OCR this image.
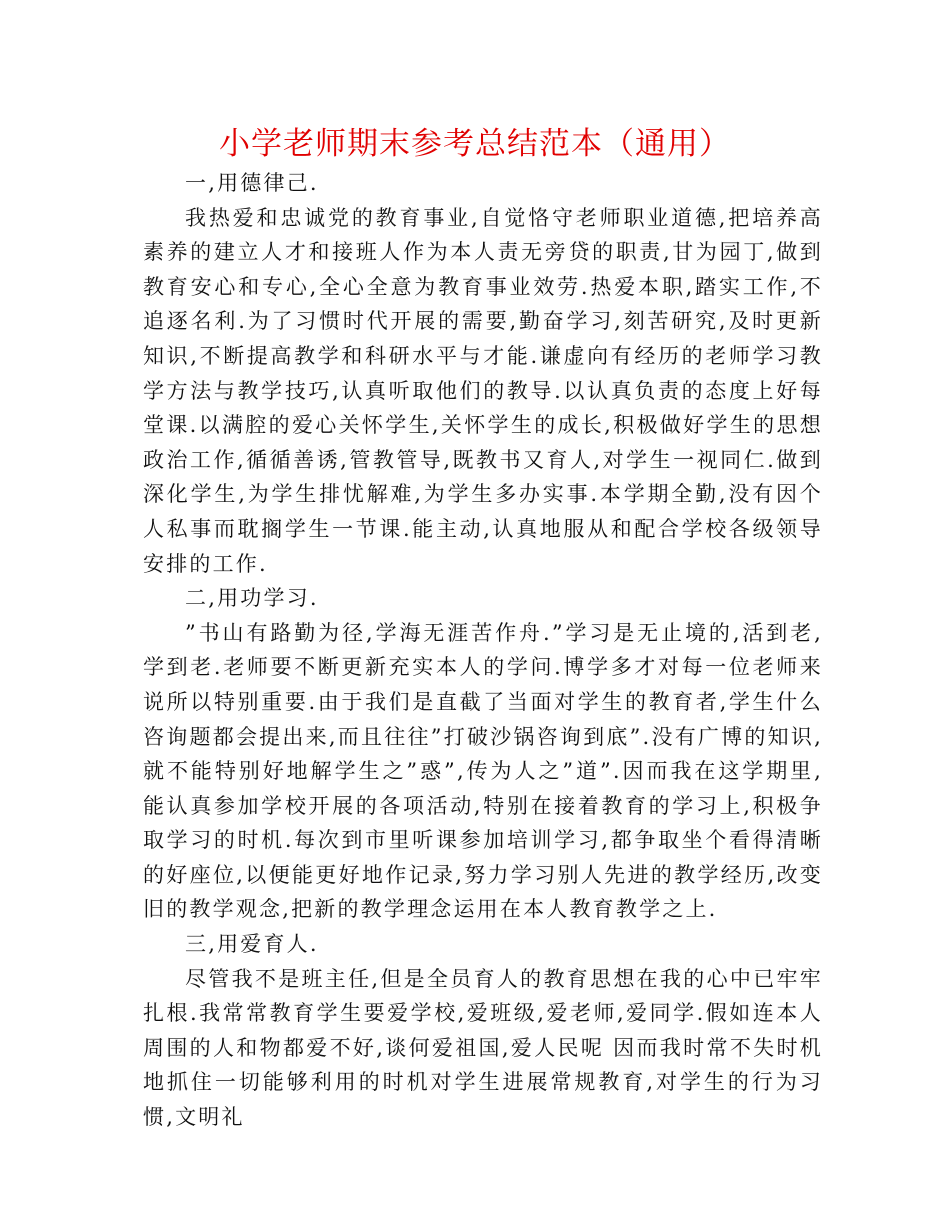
小学老师期末参考总结范本（通用）

一,用德律己.

我热爱和忠诚党的教育事业,自觉恪守老师职业道德,把培养高素养的建立人才和接班人作为本人责无旁贷的职责,甘为园丁,做到教育安心和专心,全心全意为教育事业效劳.热爱本职,踏实工作,不追逐名利.为了习惯时代开展的需要,勤奋学习,刻苦研究,及时更新知识,不断提高教学和科研水平与才能.谦虚向有经历的老师学习教学方法与教学技巧,认真听取他们的教导.以认真负责的态度上好每堂课.以满腔的爱心关怀学生,关怀学生的成长,积极做好学生的思想政治工作,循循善诱,管教管导,既教书又育人,对学生一视同仁.做到深化学生,为学生排忧解难,为学生多办实事.本学期全勤,没有因个人私事而耽搁学生一节课.能主动,认真地服从和配合学校各级领导安排的工作.

二,用功学习.

”书山有路勤为径,学海无涯苦作舟.”学习是无止境的,活到老,学到老.老师要不断更新充实本人的学问.博学多才对每一位老师来说所以特别重要.由于我们是直截了当面对学生的教育者,学生什么咨询题都会提出来,而且往往”打破沙锅咨询到底”.没有广博的知识,就不能特别好地解学生之”惑”,传为人之”道”.因而我在这学期里,能认真参加学校开展的各项活动,特别在接着教育的学习上,积极争取学习的时机.每次到市里听课参加培训学习,都争取坐个看得清晰的好座位,以便能更好地作记录,努力学习别人先进的教学经历,改变旧的教学观念,把新的教学理念运用在本人教育教学之上.

三,用爱育人.

尽管我不是班主任,但是全员育人的教育思想在我的心中已牢牢扎根.我常常教育学生要爱学校,爱班级,爱老师,爱同学.假如连本人周围的人和物都爱不好,谈何爱祖国,爱人民呢 因而我时常不失时机地抓住一切能够利用的时机对学生进展常规教育,对学生的行为习惯,文明礼
